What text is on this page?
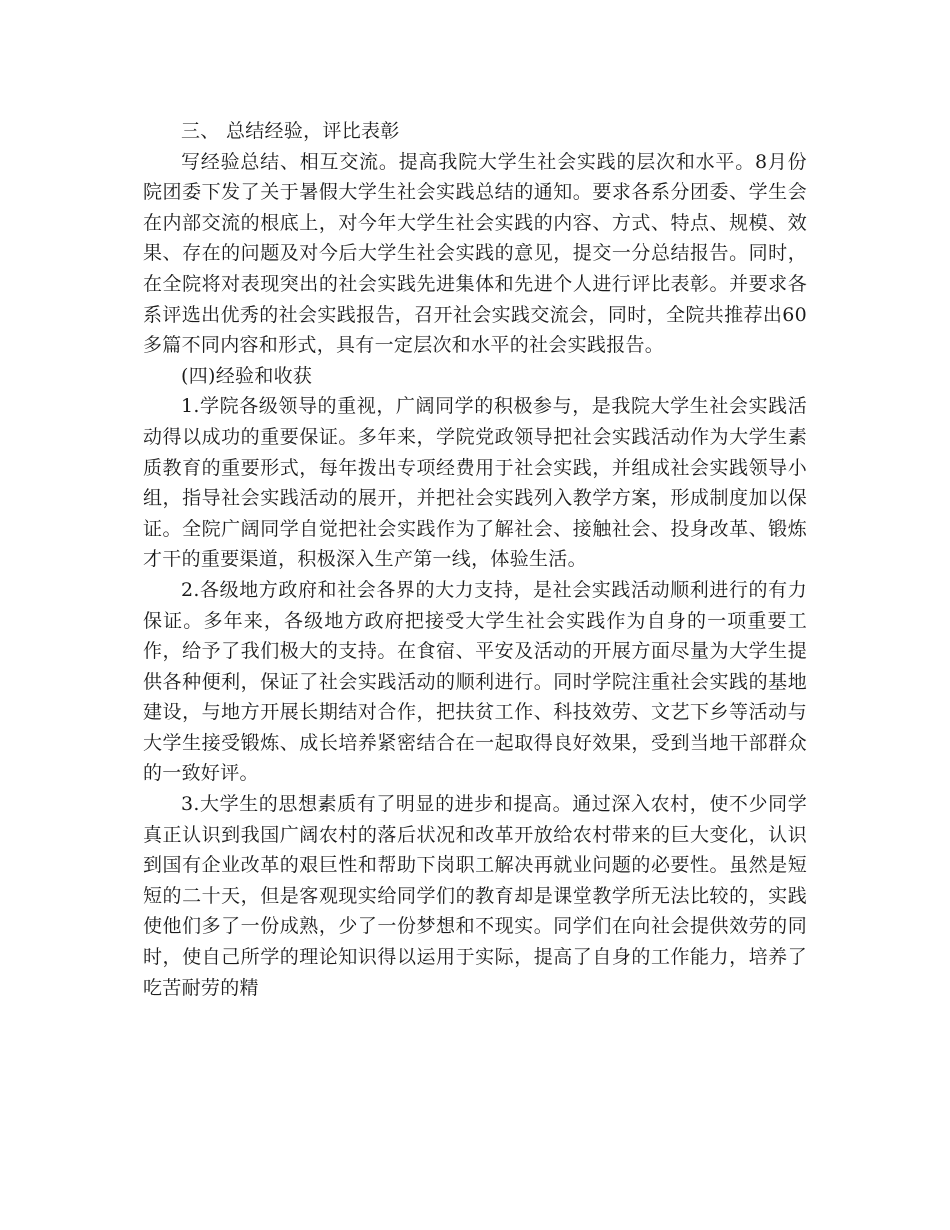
三、 总结经验，评比表彰

写经验总结、相互交流。提高我院大学生社会实践的层次和水平。8月份院团委下发了关于暑假大学生社会实践总结的通知。要求各系分团委、学生会在内部交流的根底上，对今年大学生社会实践的内容、方式、特点、规模、效果、存在的问题及对今后大学生社会实践的意见，提交一分总结报告。同时，在全院将对表现突出的社会实践先进集体和先进个人进行评比表彰。并要求各系评选出优秀的社会实践报告，召开社会实践交流会，同时，全院共推荐出60多篇不同内容和形式，具有一定层次和水平的社会实践报告。

(四)经验和收获

1.学院各级领导的重视，广阔同学的积极参与，是我院大学生社会实践活动得以成功的重要保证。多年来，学院党政领导把社会实践活动作为大学生素质教育的重要形式，每年拨出专项经费用于社会实践，并组成社会实践领导小组，指导社会实践活动的展开，并把社会实践列入教学方案，形成制度加以保证。全院广阔同学自觉把社会实践作为了解社会、接触社会、投身改革、锻炼才干的重要渠道，积极深入生产第一线，体验生活。

2.各级地方政府和社会各界的大力支持，是社会实践活动顺利进行的有力保证。多年来，各级地方政府把接受大学生社会实践作为自身的一项重要工作，给予了我们极大的支持。在食宿、平安及活动的开展方面尽量为大学生提供各种便利，保证了社会实践活动的顺利进行。同时学院注重社会实践的基地建设，与地方开展长期结对合作，把扶贫工作、科技效劳、文艺下乡等活动与大学生接受锻炼、成长培养紧密结合在一起取得良好效果，受到当地干部群众的一致好评。

3.大学生的思想素质有了明显的进步和提高。通过深入农村，使不少同学真正认识到我国广阔农村的落后状况和改革开放给农村带来的巨大变化，认识到国有企业改革的艰巨性和帮助下岗职工解决再就业问题的必要性。虽然是短短的二十天，但是客观现实给同学们的教育却是课堂教学所无法比较的，实践使他们多了一份成熟，少了一份梦想和不现实。同学们在向社会提供效劳的同时，使自己所学的理论知识得以运用于实际，提高了自身的工作能力，培养了吃苦耐劳的精
